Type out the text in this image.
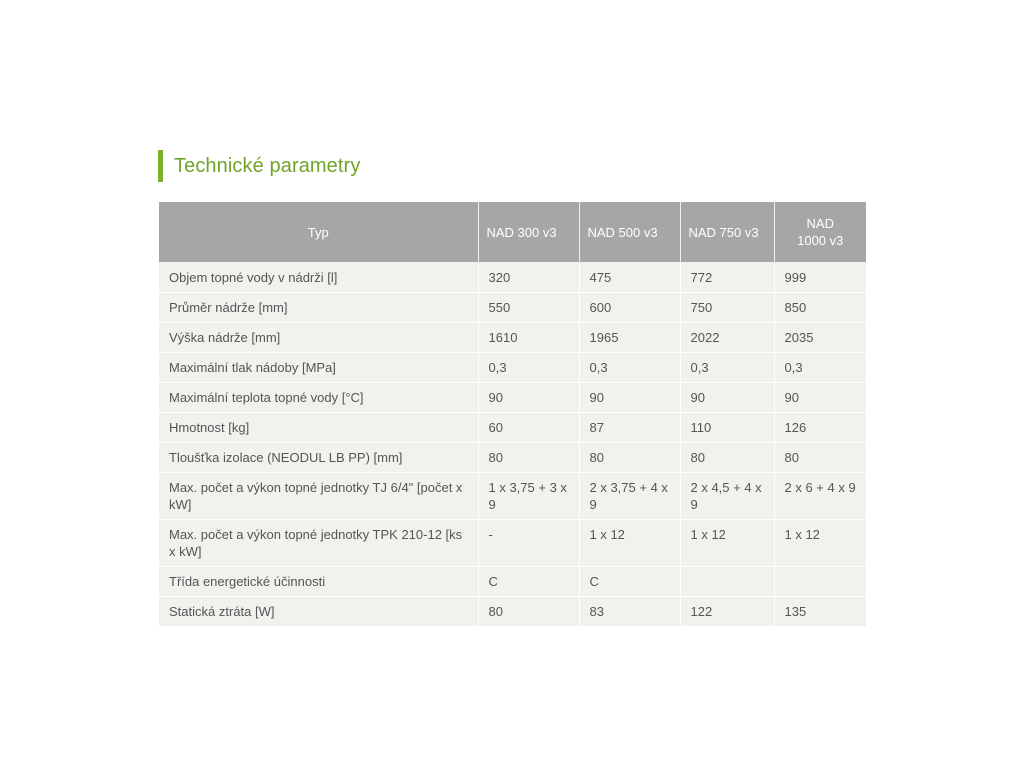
Technické parametry
Typ	NAD 300 v3	NAD 500 v3	NAD 750 v3	NAD 1000 v3
Objem topné vody v nádrži [l]	320	475	772	999
Průměr nádrže [mm]	550	600	750	850
Výška nádrže [mm]	1610	1965	2022	2035
Maximální tlak nádoby [MPa]	0,3	0,3	0,3	0,3
Maximální teplota topné vody [°C]	90	90	90	90
Hmotnost [kg]	60	87	110	126
Tloušťka izolace (NEODUL LB PP) [mm]	80	80	80	80
Max. počet a výkon topné jednotky TJ 6/4" [počet x kW]	1 x 3,75 + 3 x 9	2 x 3,75 + 4 x 9	2 x 4,5 + 4 x 9	2 x 6 + 4 x 9
Max. počet a výkon topné jednotky TPK 210-12 [ks x kW]	-	1 x 12	1 x 12	1 x 12
Třída energetické účinnosti	C	C		
Statická ztráta [W]	80	83	122	135
